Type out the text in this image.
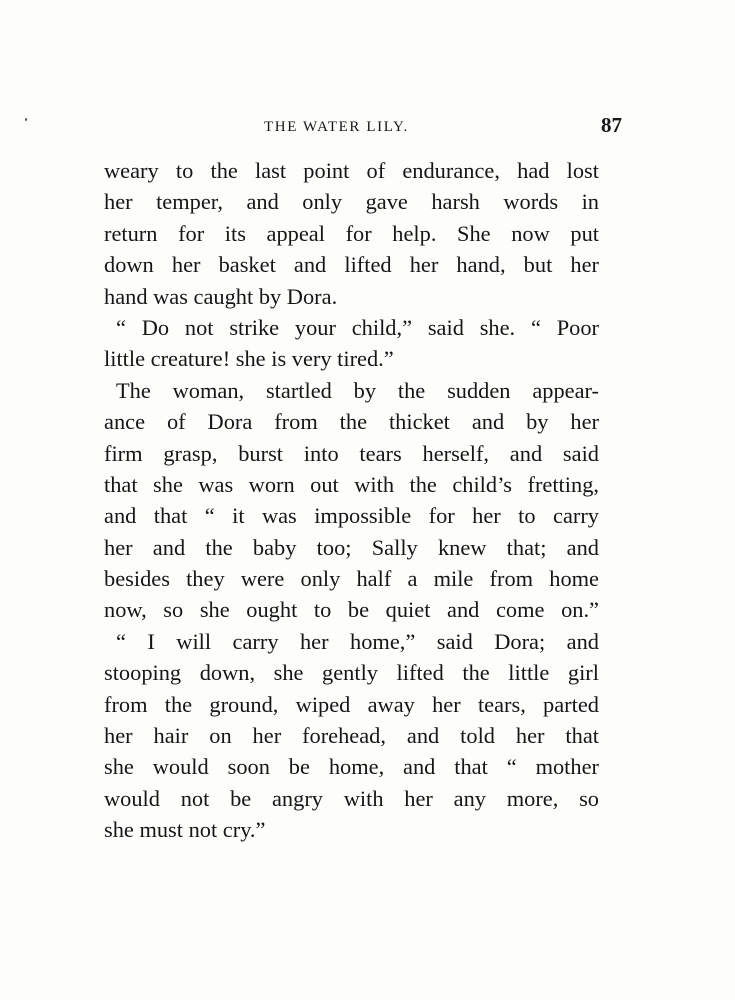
THE WATER LILY.	87
weary to the last point of endurance, had lost
her temper, and only gave harsh words in
return for its appeal for help. She now put
down her basket and lifted her hand, but her
hand was caught by Dora.
“ Do not strike your child,” said she. “ Poor
little creature! she is very tired.”
The woman, startled by the sudden appear-
ance of Dora from the thicket and by her
firm grasp, burst into tears herself, and said
that she was worn out with the child’s fretting,
and that “ it was impossible for her to carry
her and the baby too; Sally knew that; and
besides they were only half a mile from home
now, so she ought to be quiet and come on.”
“ I will carry her home,” said Dora; and
stooping down, she gently lifted the little girl
from the ground, wiped away her tears, parted
her hair on her forehead, and told her that
she would soon be home, and that “ mother
would not be angry with her any more, so
she must not cry.”
